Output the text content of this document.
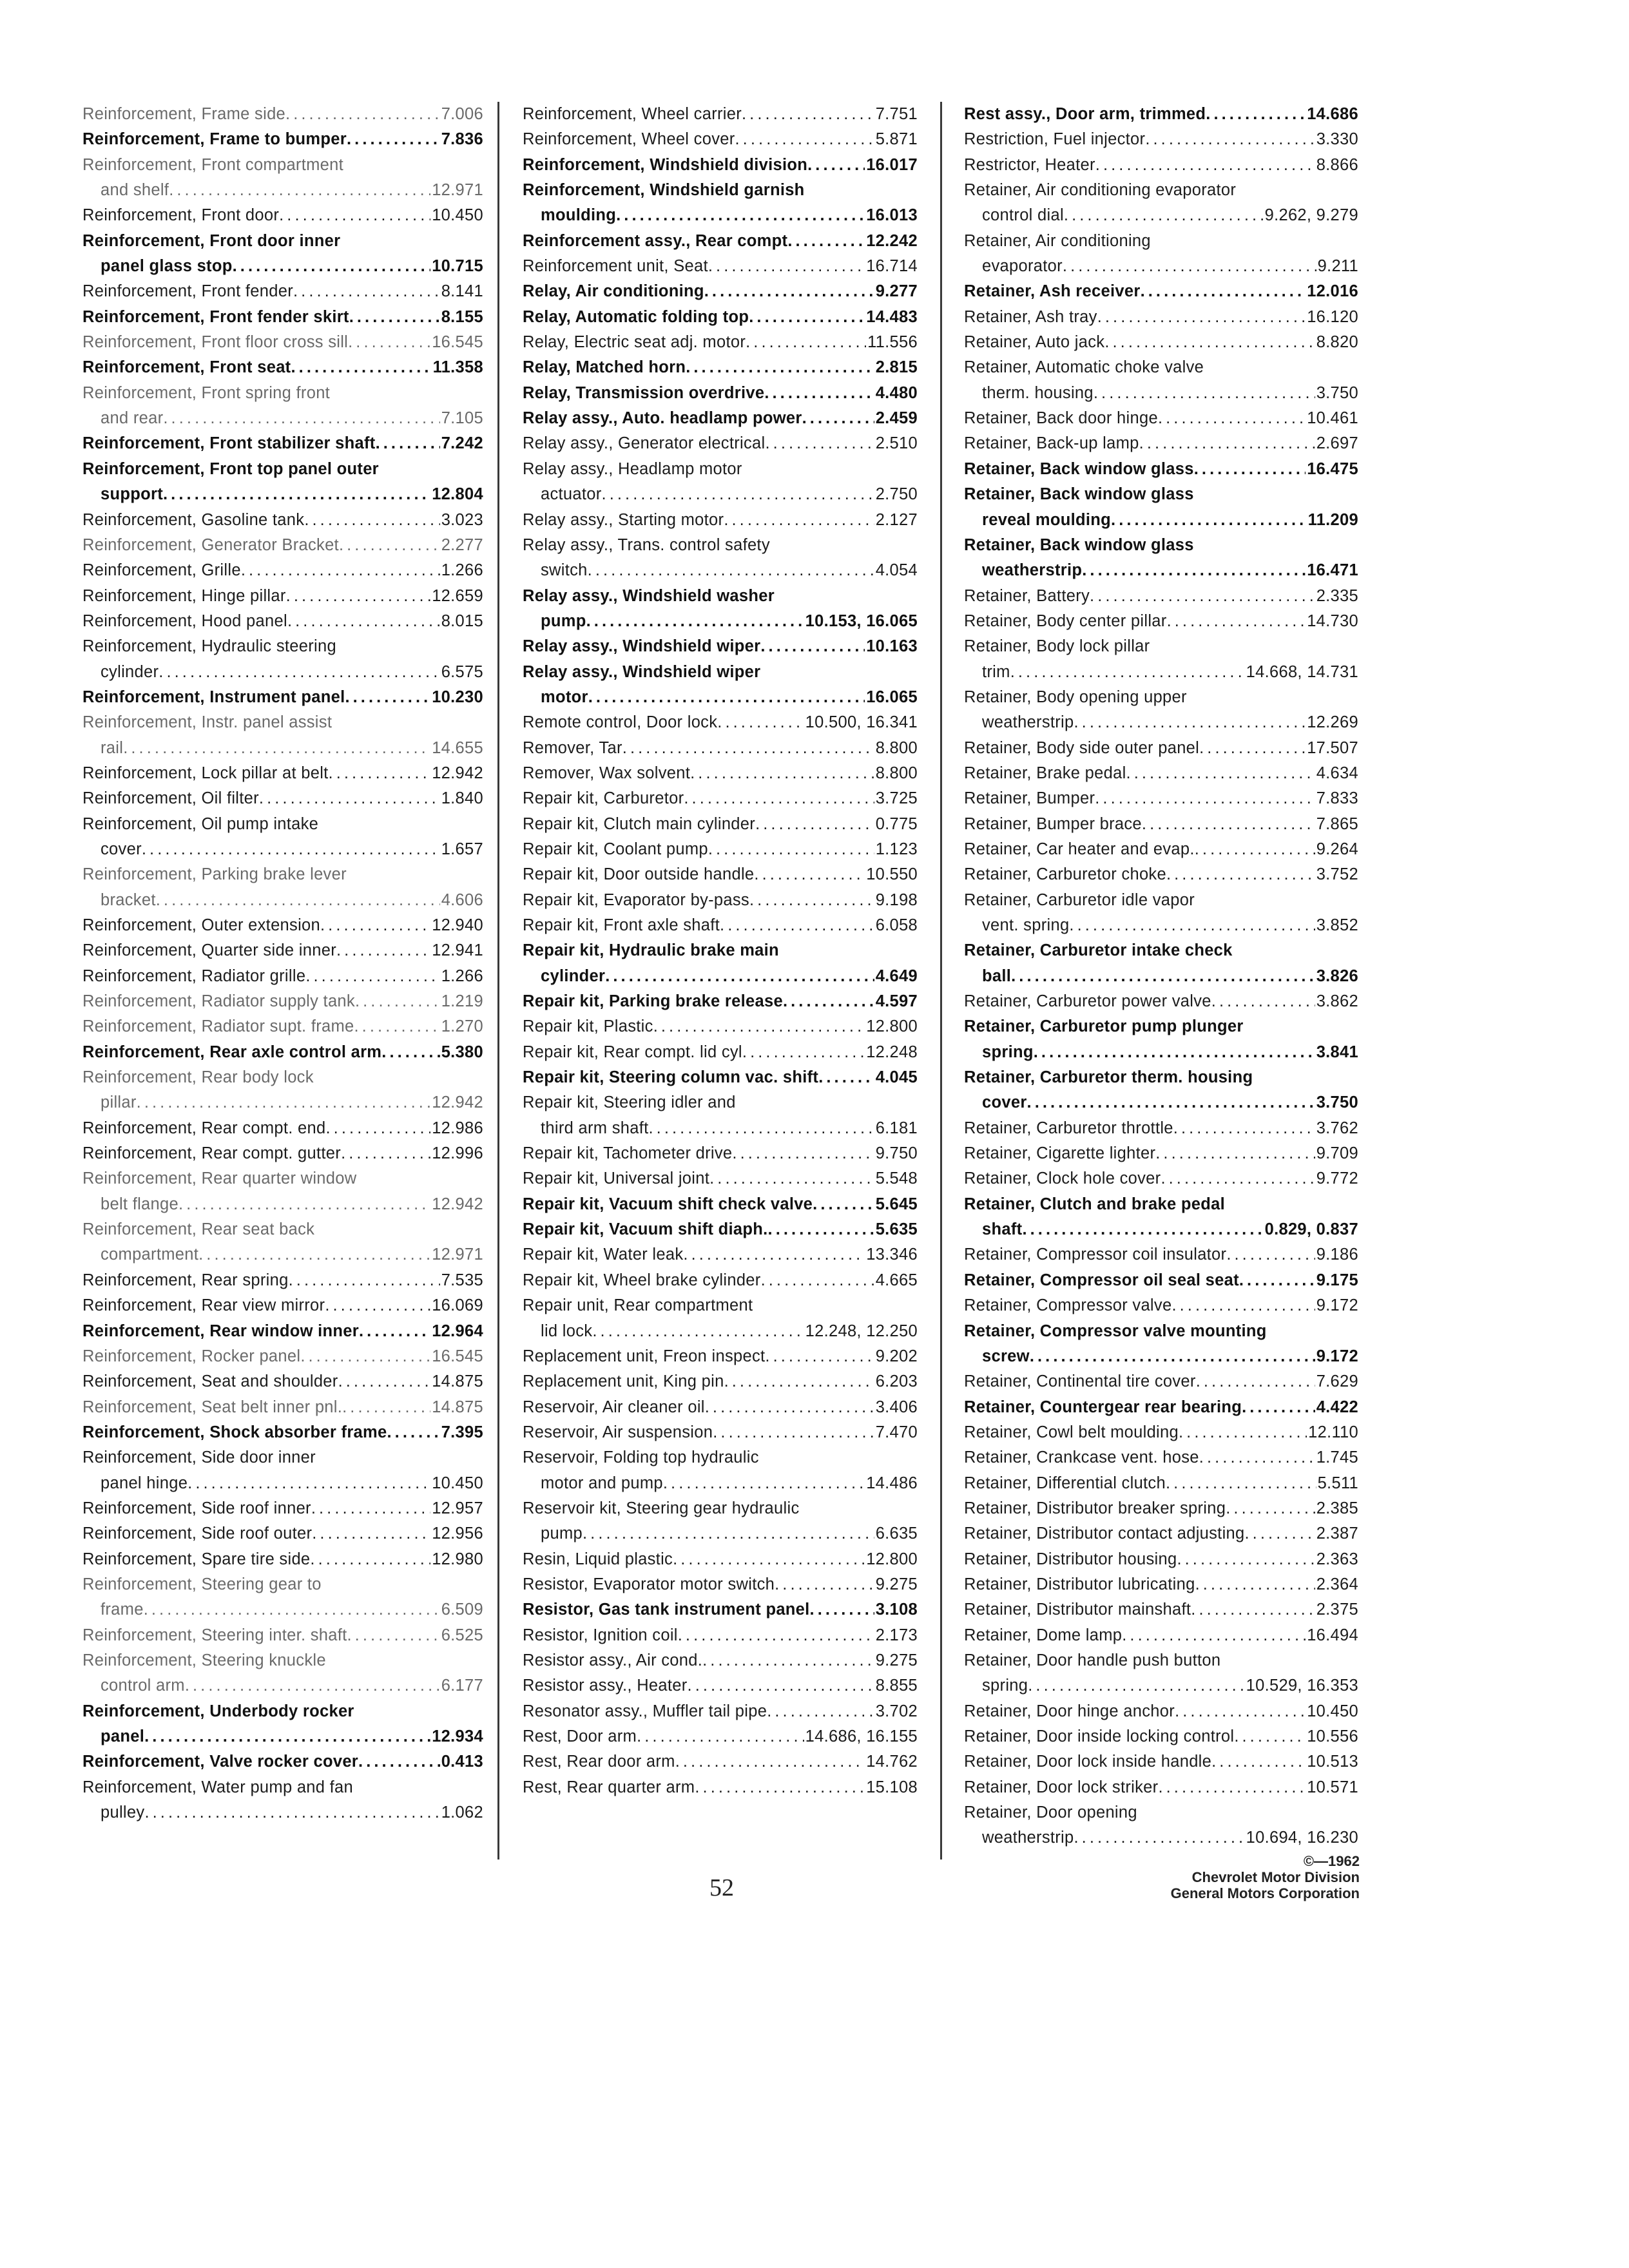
Reinforcement, Frame side . . .	7.006
Reinforcement, Frame to bumper . . .	7.836
Reinforcement, Front compartment
and shelf . . .	12.971
Reinforcement, Front door . . .	10.450
Reinforcement, Front door inner
panel glass stop . . .	10.715
Reinforcement, Front fender . . .	8.141
Reinforcement, Front fender skirt . . .	8.155
Reinforcement, Front floor cross sill . . .	16.545
Reinforcement, Front seat . . .	11.358
Reinforcement, Front spring front
and rear . . .	7.105
Reinforcement, Front stabilizer shaft . . .	7.242
Reinforcement, Front top panel outer
support . . .	12.804
Reinforcement, Gasoline tank . . .	3.023
Reinforcement, Generator Bracket . . .	2.277
Reinforcement, Grille . . .	1.266
Reinforcement, Hinge pillar . . .	12.659
Reinforcement, Hood panel . . .	8.015
Reinforcement, Hydraulic steering
cylinder . . .	6.575
Reinforcement, Instrument panel . . .	10.230
Reinforcement, Instr. panel assist
rail . . .	14.655
Reinforcement, Lock pillar at belt . . .	12.942
Reinforcement, Oil filter . . .	1.840
Reinforcement, Oil pump intake
cover . . .	1.657
Reinforcement, Parking brake lever
bracket . . .	4.606
Reinforcement, Outer extension . . .	12.940
Reinforcement, Quarter side inner . . .	12.941
Reinforcement, Radiator grille . . .	1.266
Reinforcement, Radiator supply tank . . .	1.219
Reinforcement, Radiator supt. frame . . .	1.270
Reinforcement, Rear axle control arm . . .	5.380
Reinforcement, Rear body lock
pillar . . .	12.942
Reinforcement, Rear compt. end . . .	12.986
Reinforcement, Rear compt. gutter . . .	12.996
Reinforcement, Rear quarter window
belt flange . . .	12.942
Reinforcement, Rear seat back
compartment . . .	12.971
Reinforcement, Rear spring . . .	7.535
Reinforcement, Rear view mirror . . .	16.069
Reinforcement, Rear window inner . . .	12.964
Reinforcement, Rocker panel . . .	16.545
Reinforcement, Seat and shoulder . . .	14.875
Reinforcement, Seat belt inner pnl. . . .	14.875
Reinforcement, Shock absorber frame . . .	7.395
Reinforcement, Side door inner
panel hinge . . .	10.450
Reinforcement, Side roof inner . . .	12.957
Reinforcement, Side roof outer . . .	12.956
Reinforcement, Spare tire side . . .	12.980
Reinforcement, Steering gear to
frame . . .	6.509
Reinforcement, Steering inter. shaft . . .	6.525
Reinforcement, Steering knuckle
control arm . . .	6.177
Reinforcement, Underbody rocker
panel . . .	12.934
Reinforcement, Valve rocker cover . . .	0.413
Reinforcement, Water pump and fan
pulley . . .	1.062
Reinforcement, Wheel carrier . . .	7.751
Reinforcement, Wheel cover . . .	5.871
Reinforcement, Windshield division . . .	16.017
Reinforcement, Windshield garnish
moulding . . .	16.013
Reinforcement assy., Rear compt . . .	12.242
Reinforcement unit, Seat . . .	16.714
Relay, Air conditioning . . .	9.277
Relay, Automatic folding top . . .	14.483
Relay, Electric seat adj. motor . . .	11.556
Relay, Matched horn . . .	2.815
Relay, Transmission overdrive . . .	4.480
Relay assy., Auto. headlamp power . . .	2.459
Relay assy., Generator electrical . . .	2.510
Relay assy., Headlamp motor
actuator . . .	2.750
Relay assy., Starting motor . . .	2.127
Relay assy., Trans. control safety
switch . . .	4.054
Relay assy., Windshield washer
pump . . .	10.153, 16.065
Relay assy., Windshield wiper . . .	10.163
Relay assy., Windshield wiper
motor . . .	16.065
Remote control, Door lock . . .	10.500, 16.341
Remover, Tar . . .	8.800
Remover, Wax solvent . . .	8.800
Repair kit, Carburetor . . .	3.725
Repair kit, Clutch main cylinder . . .	0.775
Repair kit, Coolant pump . . .	1.123
Repair kit, Door outside handle . . .	10.550
Repair kit, Evaporator by-pass . . .	9.198
Repair kit, Front axle shaft . . .	6.058
Repair kit, Hydraulic brake main
cylinder . . .	4.649
Repair kit, Parking brake release . . .	4.597
Repair kit, Plastic . . .	12.800
Repair kit, Rear compt. lid cyl . . .	12.248
Repair kit, Steering column vac. shift . . .	4.045
Repair kit, Steering idler and
third arm shaft . . .	6.181
Repair kit, Tachometer drive . . .	9.750
Repair kit, Universal joint . . .	5.548
Repair kit, Vacuum shift check valve . . .	5.645
Repair kit, Vacuum shift diaph. . . .	5.635
Repair kit, Water leak . . .	13.346
Repair kit, Wheel brake cylinder . . .	4.665
Repair unit, Rear compartment
lid lock . . .	12.248, 12.250
Replacement unit, Freon inspect . . .	9.202
Replacement unit, King pin . . .	6.203
Reservoir, Air cleaner oil . . .	3.406
Reservoir, Air suspension . . .	7.470
Reservoir, Folding top hydraulic
motor and pump . . .	14.486
Reservoir kit, Steering gear hydraulic
pump . . .	6.635
Resin, Liquid plastic . . .	12.800
Resistor, Evaporator motor switch . . .	9.275
Resistor, Gas tank instrument panel . . .	3.108
Resistor, Ignition coil . . .	2.173
Resistor assy., Air cond. . . .	9.275
Resistor assy., Heater . . .	8.855
Resonator assy., Muffler tail pipe . . .	3.702
Rest, Door arm . . .	14.686, 16.155
Rest, Rear door arm . . .	14.762
Rest, Rear quarter arm . . .	15.108
Rest assy., Door arm, trimmed . . .	14.686
Restriction, Fuel injector . . .	3.330
Restrictor, Heater . . .	8.866
Retainer, Air conditioning evaporator
control dial . . .	9.262, 9.279
Retainer, Air conditioning
evaporator . . .	9.211
Retainer, Ash receiver . . .	12.016
Retainer, Ash tray . . .	16.120
Retainer, Auto jack . . .	8.820
Retainer, Automatic choke valve
therm. housing . . .	3.750
Retainer, Back door hinge . . .	10.461
Retainer, Back-up lamp . . .	2.697
Retainer, Back window glass . . .	16.475
Retainer, Back window glass
reveal moulding . . .	11.209
Retainer, Back window glass
weatherstrip . . .	16.471
Retainer, Battery . . .	2.335
Retainer, Body center pillar . . .	14.730
Retainer, Body lock pillar
trim . . .	14.668, 14.731
Retainer, Body opening upper
weatherstrip . . .	12.269
Retainer, Body side outer panel . . .	17.507
Retainer, Brake pedal . . .	4.634
Retainer, Bumper . . .	7.833
Retainer, Bumper brace . . .	7.865
Retainer, Car heater and evap. . . .	9.264
Retainer, Carburetor choke . . .	3.752
Retainer, Carburetor idle vapor
vent. spring . . .	3.852
Retainer, Carburetor intake check
ball . . .	3.826
Retainer, Carburetor power valve . . .	3.862
Retainer, Carburetor pump plunger
spring . . .	3.841
Retainer, Carburetor therm. housing
cover . . .	3.750
Retainer, Carburetor throttle . . .	3.762
Retainer, Cigarette lighter . . .	9.709
Retainer, Clock hole cover . . .	9.772
Retainer, Clutch and brake pedal
shaft . . .	0.829, 0.837
Retainer, Compressor coil insulator . . .	9.186
Retainer, Compressor oil seal seat . . .	9.175
Retainer, Compressor valve . . .	9.172
Retainer, Compressor valve mounting
screw . . .	9.172
Retainer, Continental tire cover . . .	7.629
Retainer, Countergear rear bearing . . .	4.422
Retainer, Cowl belt moulding . . .	12.110
Retainer, Crankcase vent. hose . . .	1.745
Retainer, Differential clutch . . .	5.511
Retainer, Distributor breaker spring . . .	2.385
Retainer, Distributor contact adjusting . . .	2.387
Retainer, Distributor housing . . .	2.363
Retainer, Distributor lubricating . . .	2.364
Retainer, Distributor mainshaft . . .	2.375
Retainer, Dome lamp . . .	16.494
Retainer, Door handle push button
spring . . .	10.529, 16.353
Retainer, Door hinge anchor . . .	10.450
Retainer, Door inside locking control . . .	10.556
Retainer, Door lock inside handle . . .	10.513
Retainer, Door lock striker . . .	10.571
Retainer, Door opening
weatherstrip . . .	10.694, 16.230
52
©—1962
Chevrolet Motor Division
General Motors Corporation
